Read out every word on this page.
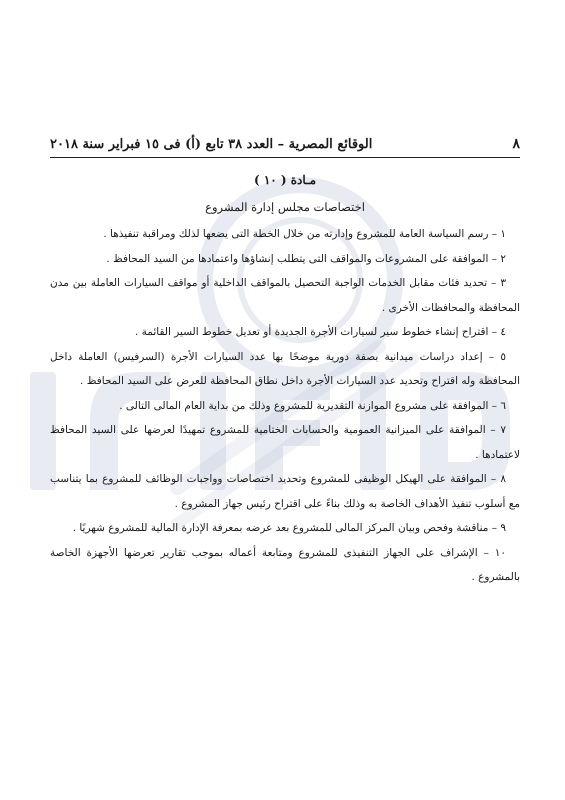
٨
الوقائع المصرية – العدد ٣٨ تابع (أ) فى ١٥ فبراير سنة ٢٠١٨
مـادة ( ١٠ )
اختصاصات مجلس إدارة المشروع

١ – رسم السياسة العامة للمشروع وإدارته من خلال الخطة التى يضعها لذلك ومراقبة تنفيذها .

٢ – الموافقة على المشروعات والمواقف التى يتطلب إنشاؤها واعتمادها من السيد المحافظ .

٣ – تحديد فئات مقابل الخدمات الواجبة التحصيل بالمواقف الداخلية أو مواقف السيارات العاملة بين مدن المحافظة والمحافظات الأخرى .

٤ – اقتراح إنشاء خطوط سير لسيارات الأجرة الجديدة أو تعديل خطوط السير القائمة .

٥ – إعداد دراسات ميدانية بصفة دورية موضحًا بها عدد السيارات الأجرة (السرفيس) العاملة داخل المحافظة وله اقتراح وتحديد عدد السيارات الأجرة داخل نطاق المحافظة للعرض على السيد المحافظ .

٦ – الموافقة على مشروع الموازنة التقديرية للمشروع وذلك من بداية العام المالى التالى .

٧ – الموافقة على الميزانية العمومية والحسابات الختامية للمشروع تمهيدًا لعرضها على السيد المحافظ لاعتمادها .

٨ – الموافقة على الهيكل الوظيفى للمشروع وتحديد اختصاصات وواجبات الوظائف للمشروع بما يتناسب مع أسلوب تنفيذ الأهداف الخاصة به وذلك بناءً على اقتراح رئيس جهاز المشروع .

٩ – مناقشة وفحص وبيان المركز المالى للمشروع بعد عرضه بمعرفة الإدارة المالية للمشروع شهريًا .

١٠ – الإشراف على الجهاز التنفيذى للمشروع ومتابعة أعماله بموجب تقارير تعرضها الأجهزة الخاصة بالمشروع .
